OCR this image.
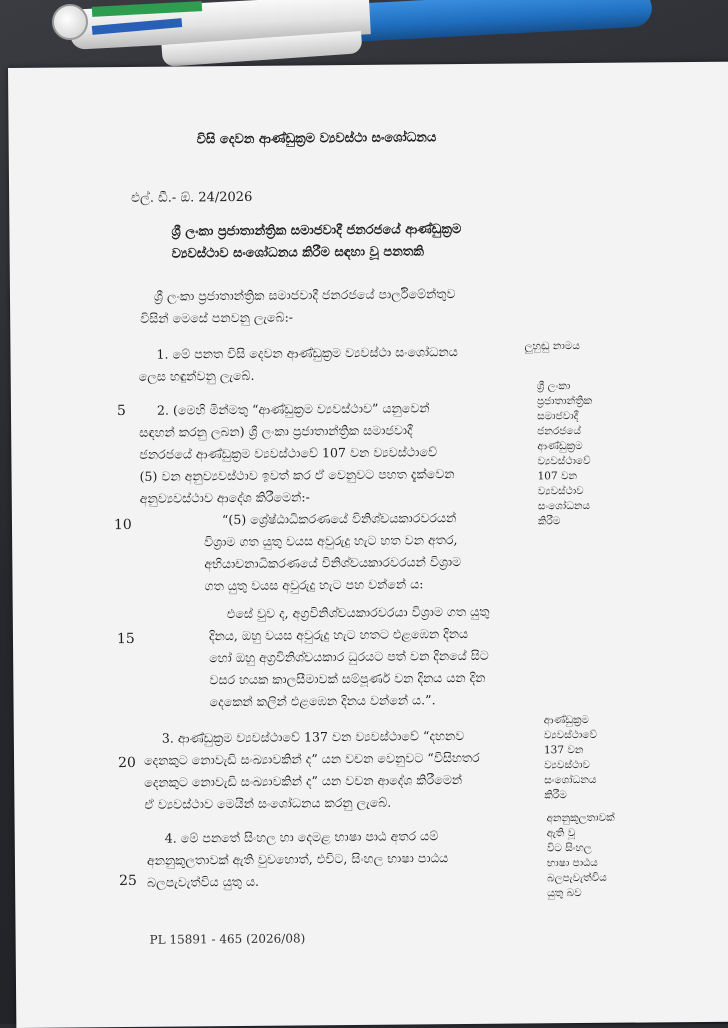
විසි දෙවන ආණ්ඩුක්‍රම ව්‍යවස්ථා සංශෝධනය
එල්. ඩී.- ඕ. 24/2026
ශ්‍රී ලංකා ප්‍රජාතාන්ත්‍රික සමාජවාදී ජනරජයේ ආණ්ඩුක්‍රම
ව්‍යවස්ථාව සංශෝධනය කිරීම සඳහා වූ පනතකි
ශ්‍රී ලංකා ප්‍රජාතාන්ත්‍රික සමාජවාදී ජනරජයේ පාර්ලිමේන්තුව
විසින් මෙසේ පනවනු ලැබේ:-
1. මේ පනත විසි දෙවන ආණ්ඩුක්‍රම ව්‍යවස්ථා සංශෝධනය
ලෙස හඳුන්වනු ලැබේ.
ලුහුඬු නාමය
5 2. (මෙහි මින්මතු “ආණ්ඩුක්‍රම ව්‍යවස්ථාව” යනුවෙන්
සඳහන් කරනු ලබන) ශ්‍රී ලංකා ප්‍රජාතාන්ත්‍රික සමාජවාදී
ජනරජයේ ආණ්ඩුක්‍රම ව්‍යවස්ථාවේ 107 වන ව්‍යවස්ථාවේ
(5) වන අනුව්‍යවස්ථාව ඉවත් කර ඒ වෙනුවට පහත දැක්වෙන
අනුව්‍යවස්ථාව ආදේශ කිරීමෙන්:-
ශ්‍රී ලංකා
ප්‍රජාතාන්ත්‍රික
සමාජවාදී
ජනරජයේ
ආණ්ඩුක්‍රම
ව්‍යවස්ථාවේ
107 වන
ව්‍යවස්ථාව
සංශෝධනය
කිරීම
10	“(5) ශ්‍රේෂ්ඨාධිකරණයේ විනිශ්චයකාරවරයන්
විශ්‍රාම ගත යුතු වයස අවුරුදු හැට හත වන අතර,
අභියාචනාධිකරණයේ විනිශ්චයකාරවරයන් විශ්‍රාම
ගත යුතු වයස අවුරුදු හැට පහ වන්නේ ය:
එසේ වුව ද, අග්‍රවිනිශ්චයකාරවරයා විශ්‍රාම ගත යුතු
15	දිනය, ඔහු වයස අවුරුදු හැට හතට එළඹෙන දිනය
හෝ ඔහු අග්‍රවිනිශ්චයකාර ධුරයට පත් වන දිනයේ සිට
වසර හයක කාලසීමාවක් සම්පූර්ණ වන දිනය යන දින
දෙකෙන් කලින් එළඹෙන දිනය වන්නේ ය.”.
3. ආණ්ඩුක්‍රම ව්‍යවස්ථාවේ 137 වන ව්‍යවස්ථාවේ “දහනව
20 දෙනකුට නොවැඩි සංඛ්‍යාවකින් ද” යන වචන වෙනුවට “විසිහතර
දෙනකුට නොවැඩි සංඛ්‍යාවකින් ද” යන වචන ආදේශ කිරීමෙන්
ඒ ව්‍යවස්ථාව මෙයින් සංශෝධනය කරනු ලැබේ.
ආණ්ඩුක්‍රම
ව්‍යවස්ථාවේ
137 වන
ව්‍යවස්ථාව
සංශෝධනය
කිරීම
4. මේ පනතේ සිංහල හා දෙමළ භාෂා පාඨ අතර යම්
අනනුකූලතාවක් ඇති වුවහොත්, එවිට, සිංහල භාෂා පාඨය
25 බලපැවැත්විය යුතු ය.
අනනුකූලතාවක්
ඇති වූ
විට සිංහල
භාෂා පාඨය
බලපැවැත්විය
යුතු බව
PL 15891 - 465 (2026/08)
